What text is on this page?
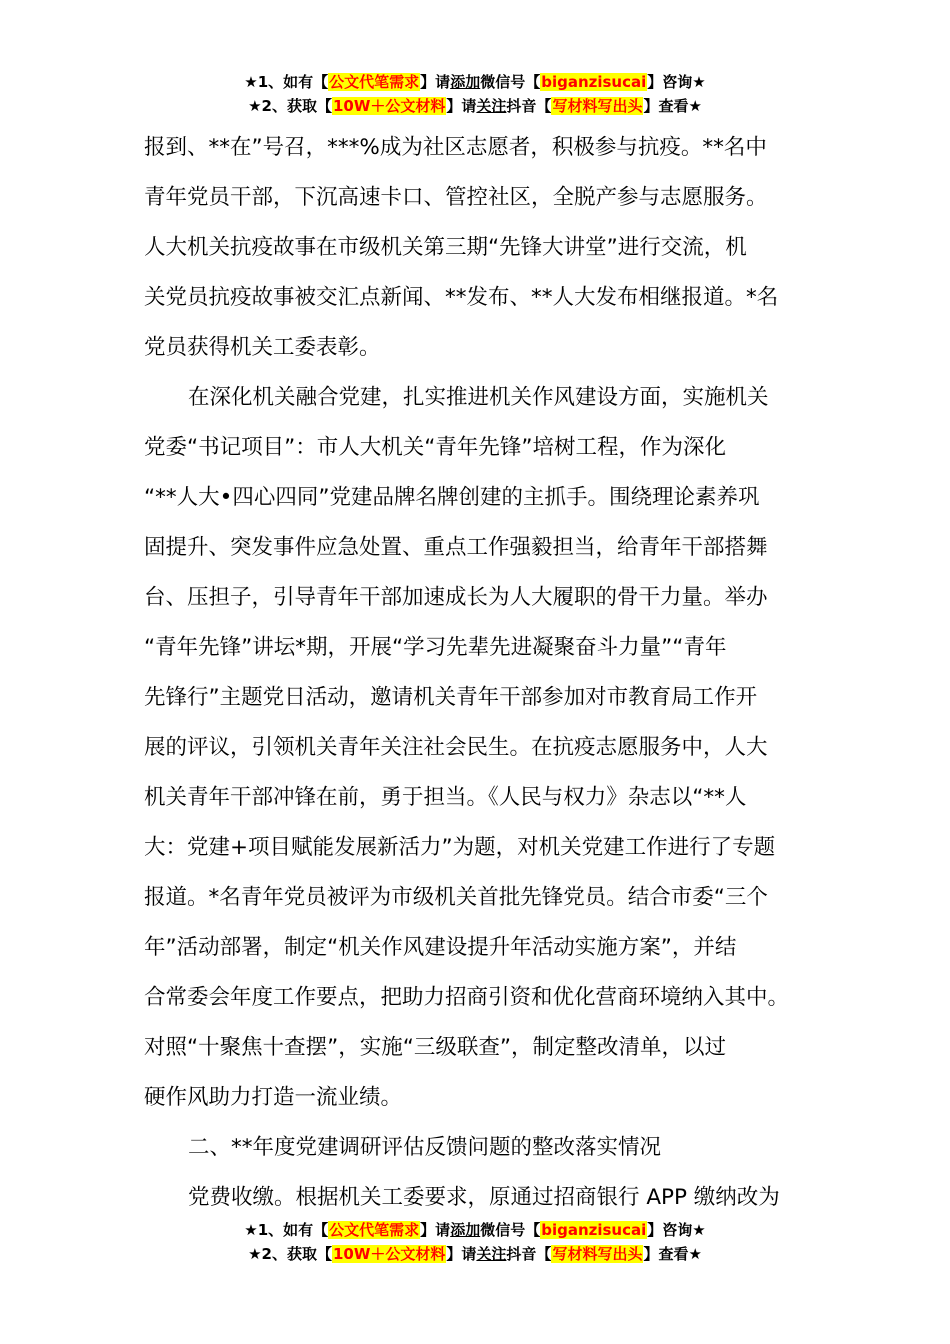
★1、如有【公文代笔需求】请添加微信号【biganzisucai】咨询★
★2、获取【10W＋公文材料】请关注抖音【写材料写出头】查看★

报到、**在”号召，***%成为社区志愿者，积极参与抗疫。**名中
青年党员干部，下沉高速卡口、管控社区，全脱产参与志愿服务。
人大机关抗疫故事在市级机关第三期“先锋大讲堂”进行交流，机
关党员抗疫故事被交汇点新闻、**发布、**人大发布相继报道。*名
党员获得机关工委表彰。

在深化机关融合党建，扎实推进机关作风建设方面，实施机关
党委“书记项目”：市人大机关“青年先锋”培树工程，作为深化
“**人大•四心四同”党建品牌名牌创建的主抓手。围绕理论素养巩
固提升、突发事件应急处置、重点工作强毅担当，给青年干部搭舞
台、压担子，引导青年干部加速成长为人大履职的骨干力量。举办
“青年先锋”讲坛*期，开展“学习先辈先进凝聚奋斗力量”“青年
先锋行”主题党日活动，邀请机关青年干部参加对市教育局工作开
展的评议，引领机关青年关注社会民生。在抗疫志愿服务中，人大
机关青年干部冲锋在前，勇于担当。《人民与权力》杂志以“**人
大：党建+项目赋能发展新活力”为题，对机关党建工作进行了专题
报道。*名青年党员被评为市级机关首批先锋党员。结合市委“三个
年”活动部署，制定“机关作风建设提升年活动实施方案”，并结
合常委会年度工作要点，把助力招商引资和优化营商环境纳入其中。
对照“十聚焦十查摆”，实施“三级联查”，制定整改清单，以过
硬作风助力打造一流业绩。

二、**年度党建调研评估反馈问题的整改落实情况

党费收缴。根据机关工委要求，原通过招商银行 APP 缴纳改为

★1、如有【公文代笔需求】请添加微信号【biganzisucai】咨询★
★2、获取【10W＋公文材料】请关注抖音【写材料写出头】查看★
